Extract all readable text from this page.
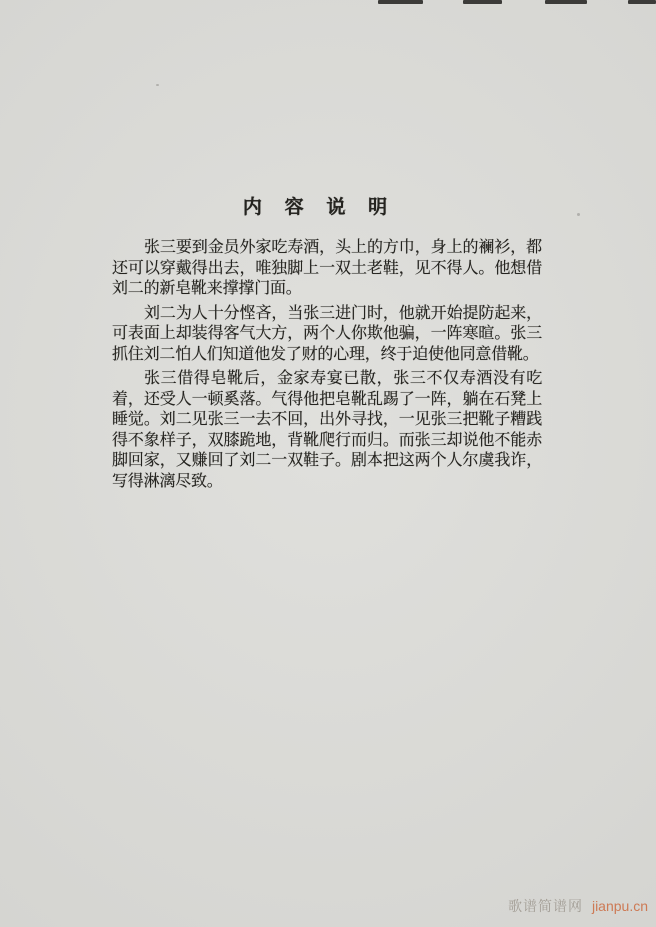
内 容 说 明

张三要到金员外家吃寿酒，头上的方巾，身上的襕衫，都还可以穿戴得出去，唯独脚上一双土老鞋，见不得人。他想借刘二的新皂靴来撑撑门面。

刘二为人十分悭吝，当张三进门时，他就开始提防起来，可表面上却装得客气大方，两个人你欺他骗，一阵寒暄。张三抓住刘二怕人们知道他发了财的心理，终于迫使他同意借靴。

张三借得皂靴后，金家寿宴已散，张三不仅寿酒没有吃着，还受人一顿奚落。气得他把皂靴乱踢了一阵，躺在石凳上睡觉。刘二见张三一去不回，出外寻找，一见张三把靴子糟践得不象样子，双膝跪地，背靴爬行而归。而张三却说他不能赤脚回家，又赚回了刘二一双鞋子。剧本把这两个人尔虞我诈，写得淋漓尽致。

歌谱简谱网 jianpu.cn
